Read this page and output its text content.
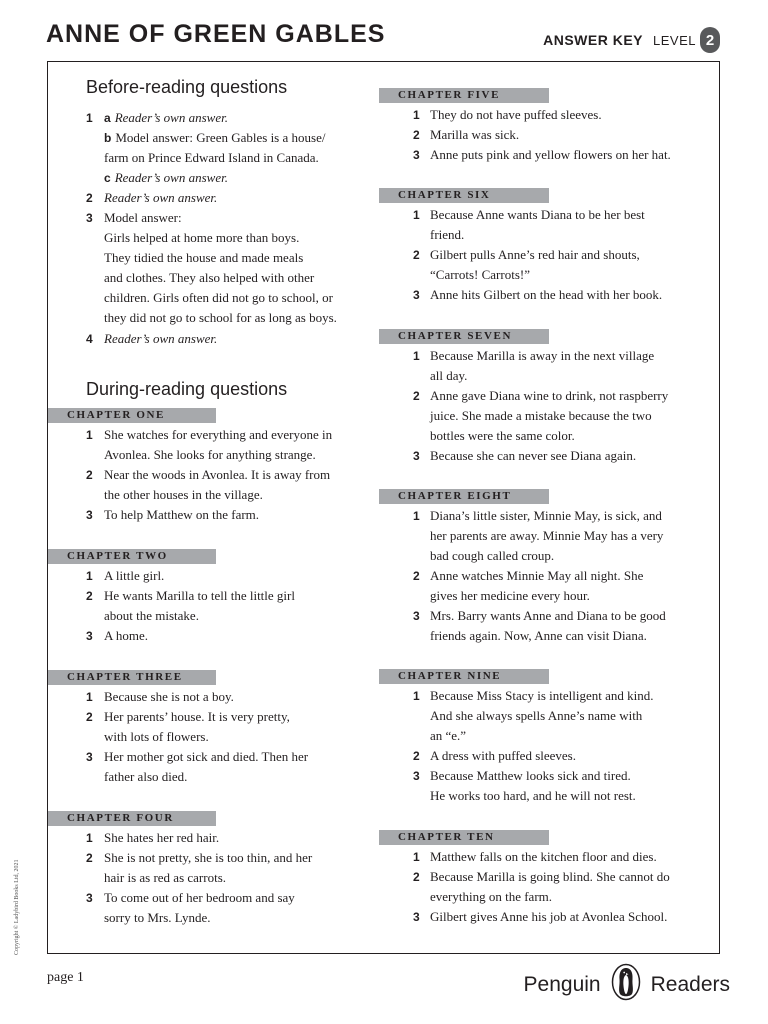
ANNE OF GREEN GABLES	ANSWER KEY LEVEL 2
Before-reading questions
1 a Reader’s own answer.
b Model answer: Green Gables is a house/
farm on Prince Edward Island in Canada.
c Reader’s own answer.
2 Reader’s own answer.
3 Model answer:
Girls helped at home more than boys.
They tidied the house and made meals
and clothes. They also helped with other
children. Girls often did not go to school, or
they did not go to school for as long as boys.
4 Reader’s own answer.
During-reading questions
CHAPTER ONE
1 She watches for everything and everyone in
Avonlea. She looks for anything strange.
2 Near the woods in Avonlea. It is away from
the other houses in the village.
3 To help Matthew on the farm.
CHAPTER TWO
1 A little girl.
2 He wants Marilla to tell the little girl
about the mistake.
3 A home.
CHAPTER THREE
1 Because she is not a boy.
2 Her parents’ house. It is very pretty,
with lots of flowers.
3 Her mother got sick and died. Then her
father also died.
CHAPTER FOUR
1 She hates her red hair.
2 She is not pretty, she is too thin, and her
hair is as red as carrots.
3 To come out of her bedroom and say
sorry to Mrs. Lynde.
CHAPTER FIVE
1 They do not have puffed sleeves.
2 Marilla was sick.
3 Anne puts pink and yellow flowers on her hat.
CHAPTER SIX
1 Because Anne wants Diana to be her best
friend.
2 Gilbert pulls Anne’s red hair and shouts,
“Carrots! Carrots!”
3 Anne hits Gilbert on the head with her book.
CHAPTER SEVEN
1 Because Marilla is away in the next village
all day.
2 Anne gave Diana wine to drink, not raspberry
juice. She made a mistake because the two
bottles were the same color.
3 Because she can never see Diana again.
CHAPTER EIGHT
1 Diana’s little sister, Minnie May, is sick, and
her parents are away. Minnie May has a very
bad cough called croup.
2 Anne watches Minnie May all night. She
gives her medicine every hour.
3 Mrs. Barry wants Anne and Diana to be good
friends again. Now, Anne can visit Diana.
CHAPTER NINE
1 Because Miss Stacy is intelligent and kind.
And she always spells Anne’s name with
an “e.”
2 A dress with puffed sleeves.
3 Because Matthew looks sick and tired.
He works too hard, and he will not rest.
CHAPTER TEN
1 Matthew falls on the kitchen floor and dies.
2 Because Marilla is going blind. She cannot do
everything on the farm.
3 Gilbert gives Anne his job at Avonlea School.
Copyright © Ladybird Books Ltd, 2021
page 1	Penguin Readers
